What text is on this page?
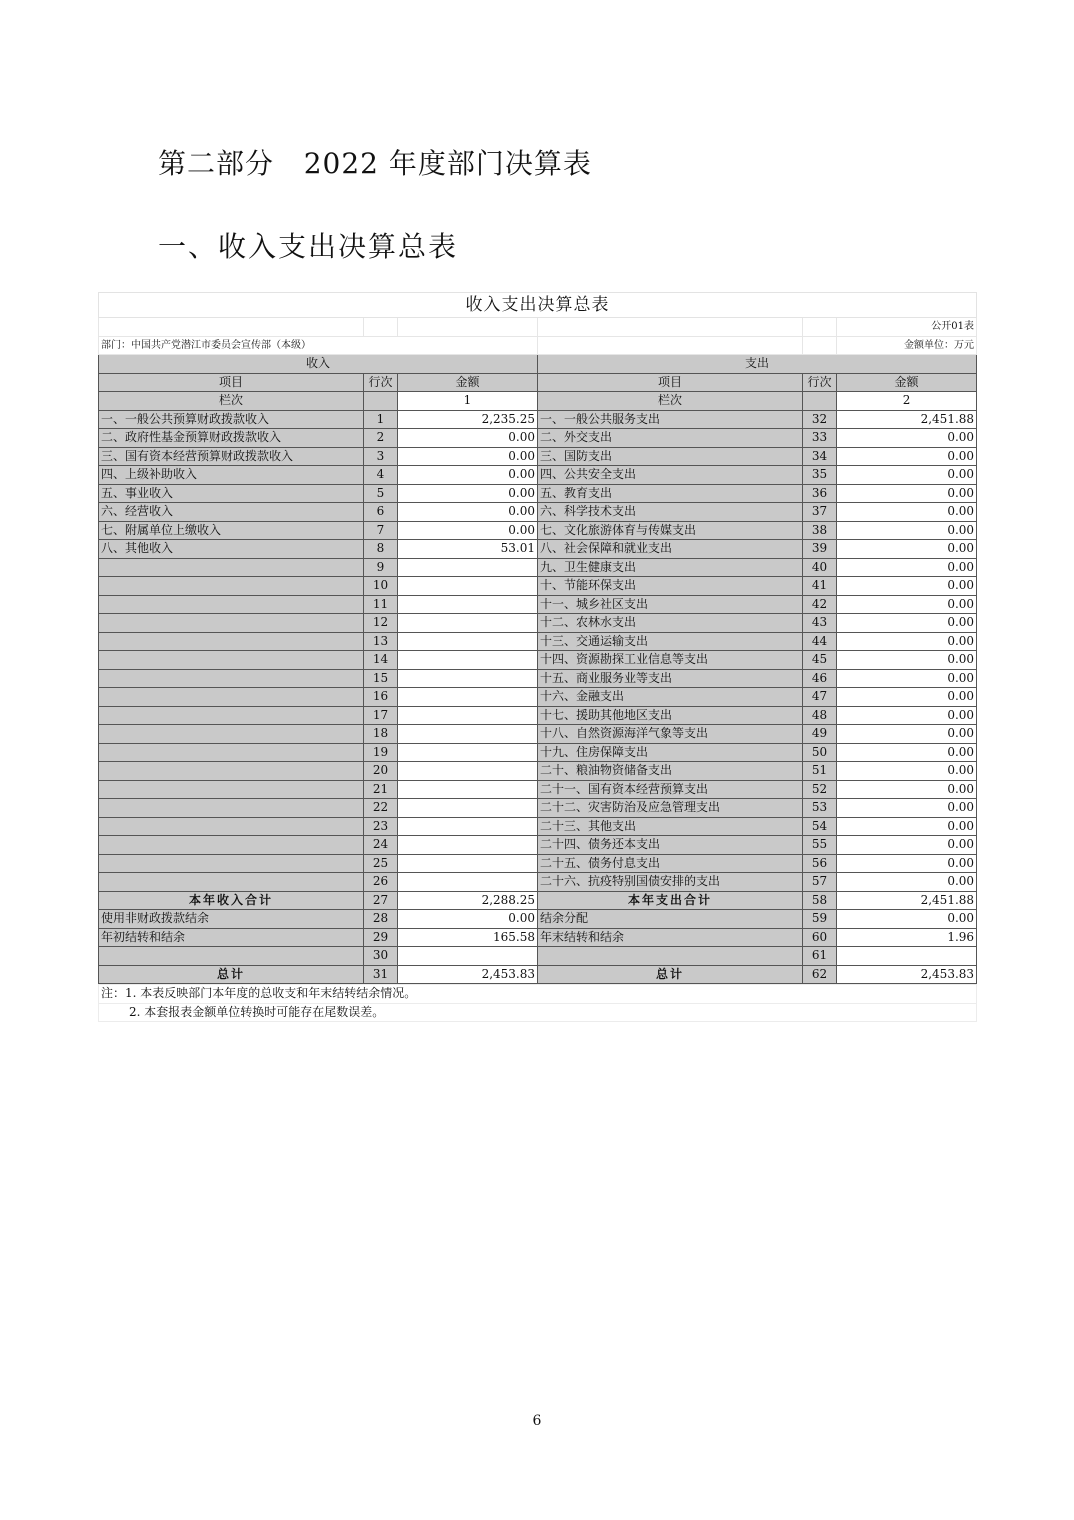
第二部分   2022 年度部门决算表
一、收入支出决算总表
收入支出决算总表					
					公开01表
部门：中国共产党潜江市委员会宣传部（本级）					金额单位：万元
收入			支出		
项目	行次	金额	项目	行次	金额
栏次		1	栏次		2
一、一般公共预算财政拨款收入	1	2,235.25	一、一般公共服务支出	32	2,451.88
二、政府性基金预算财政拨款收入	2	0.00	二、外交支出	33	0.00
三、国有资本经营预算财政拨款收入	3	0.00	三、国防支出	34	0.00
四、上级补助收入	4	0.00	四、公共安全支出	35	0.00
五、事业收入	5	0.00	五、教育支出	36	0.00
六、经营收入	6	0.00	六、科学技术支出	37	0.00
七、附属单位上缴收入	7	0.00	七、文化旅游体育与传媒支出	38	0.00
八、其他收入	8	53.01	八、社会保障和就业支出	39	0.00
	9		九、卫生健康支出	40	0.00
	10		十、节能环保支出	41	0.00
	11		十一、城乡社区支出	42	0.00
	12		十二、农林水支出	43	0.00
	13		十三、交通运输支出	44	0.00
	14		十四、资源勘探工业信息等支出	45	0.00
	15		十五、商业服务业等支出	46	0.00
	16		十六、金融支出	47	0.00
	17		十七、援助其他地区支出	48	0.00
	18		十八、自然资源海洋气象等支出	49	0.00
	19		十九、住房保障支出	50	0.00
	20		二十、粮油物资储备支出	51	0.00
	21		二十一、国有资本经营预算支出	52	0.00
	22		二十二、灾害防治及应急管理支出	53	0.00
	23		二十三、其他支出	54	0.00
	24		二十四、债务还本支出	55	0.00
	25		二十五、债务付息支出	56	0.00
	26		二十六、抗疫特别国债安排的支出	57	0.00
本年收入合计	27	2,288.25	本年支出合计	58	2,451.88
使用非财政拨款结余	28	0.00	结余分配	59	0.00
年初结转和结余	29	165.58	年末结转和结余	60	1.96
	30			61	
总计	31	2,453.83	总计	62	2,453.83
注：1. 本表反映部门本年度的总收支和年末结转结余情况。
2. 本套报表金额单位转换时可能存在尾数误差。
6
